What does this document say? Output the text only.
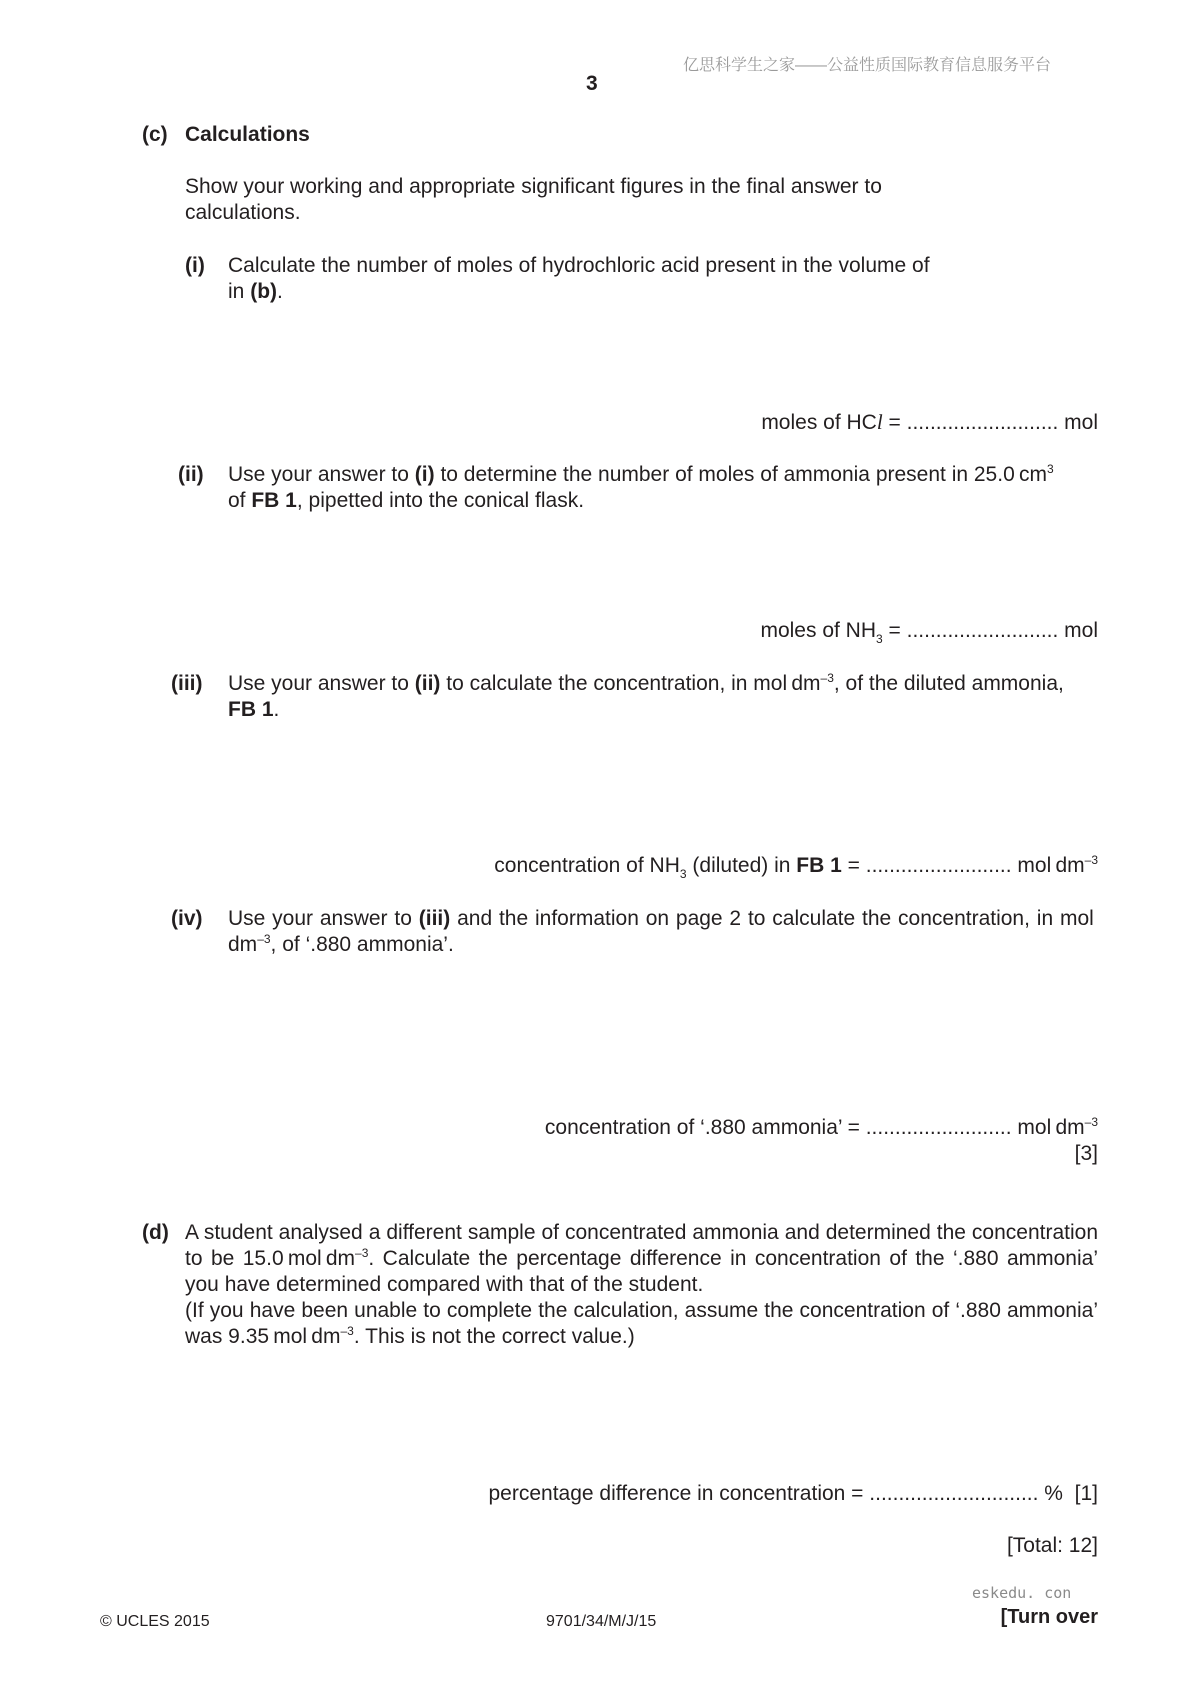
亿思科学生之家——公益性质国际教育信息服务平台
3
(c) Calculations
Show your working and appropriate significant figures in the final answer to calculations.
(i) Calculate the number of moles of hydrochloric acid present in the volume of
in (b).
moles of HCl = .......................... mol
(ii) Use your answer to (i) to determine the number of moles of ammonia present in 25.0 $cm^3$
of FB 1, pipetted into the conical flask.
moles of $NH_3$ = .......................... mol
(iii) Use your answer to (ii) to calculate the concentration, in mol $dm^{-3}$, of the diluted ammonia,
FB 1.
concentration of $NH_3$ (diluted) in FB 1 = ......................... mol $dm^{-3}$
(iv) Use your answer to (iii) and the information on page 2 to calculate the concentration, in mol $dm^{-3}$, of ‘.880 ammonia’.
concentration of ‘.880 ammonia’ = ......................... mol $dm^{-3}$
[3]
(d) A student analysed a different sample of concentrated ammonia and determined the concentration to be 15.0 mol $dm^{-3}$. Calculate the percentage difference in concentration of the ‘.880 ammonia’ you have determined compared with that of the student.
(If you have been unable to complete the calculation, assume the concentration of ‘.880 ammonia’ was 9.35 mol $dm^{-3}$. This is not the correct value.)
percentage difference in concentration = ............................. %  [1]
[Total: 12]
eskedu. con
© UCLES 2015	9701/34/M/J/15	[Turn over
